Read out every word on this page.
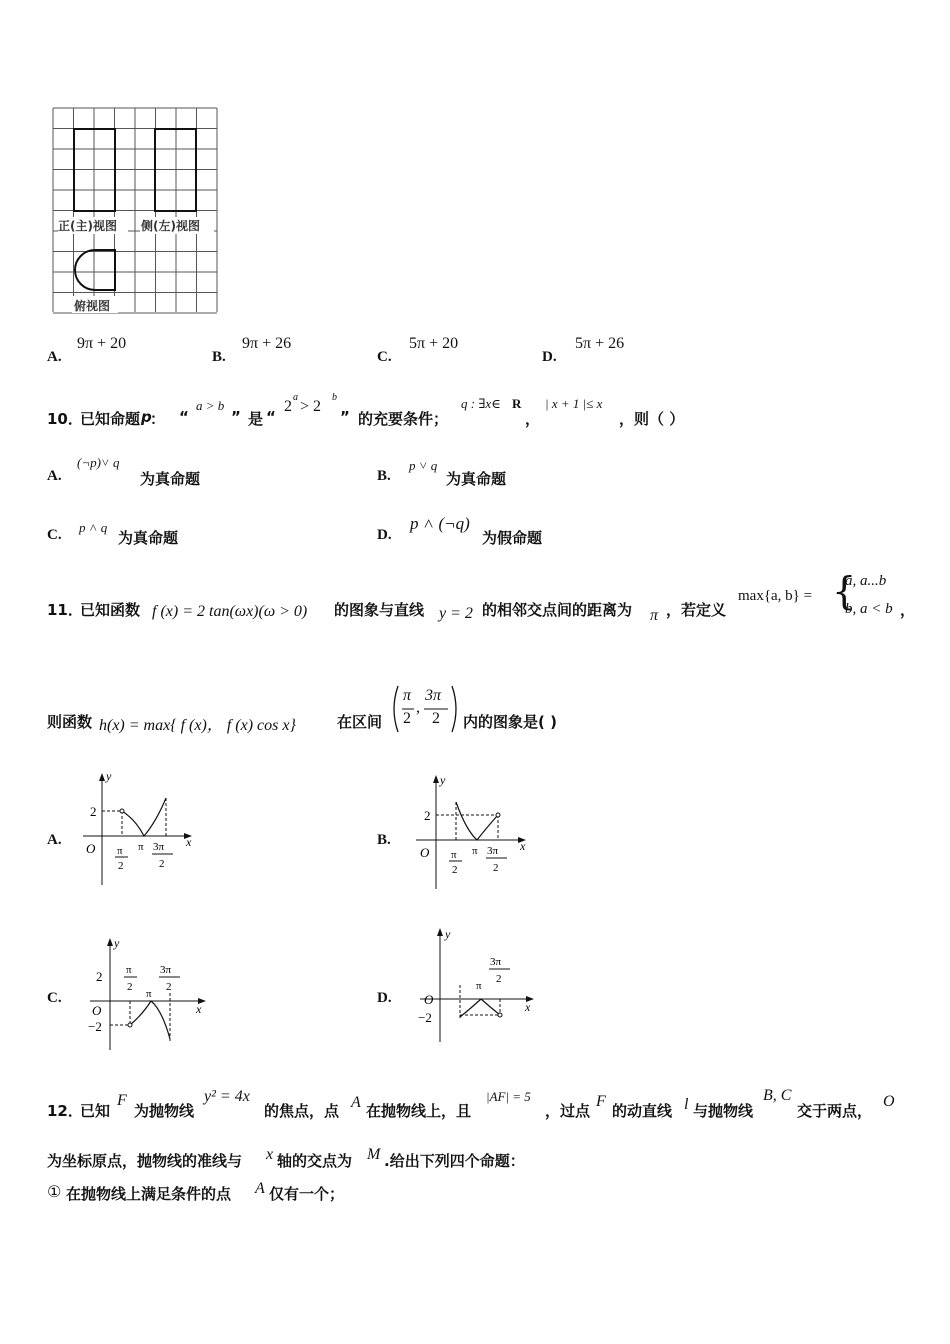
正(主)视图 侧(左)视图
俯视图
A.
9π + 20
B.
9π + 26
C.
5π + 20
D.
5π + 26
10．
已知命题 p
： “
a > b
” 是 “
2
a
> 2
b
” 的充要条件 ；
q : ∃x∈ R
，
| x + 1 |≤ x
，则（ ）
A.
(¬p)˅ q
为真命题	B.
p ˅ q
为真命题
C. p ˄ q
为真命题	D.
p ˄ (¬q)
为假命题
11．
已知函数 f (x) = 2 tan(ωx)(ω > 0) 的图象与直线 y = 2 的相邻交点间的距离为 π ，若定义
max{a, b} = {
a, a...b
b, a < b ，
则函数 h(x) = max{ f (x)， f (x) cos x}	在区间
π
2
,
3π
2 内的图象是( )
A.	B.
C.	D.
y
x
O
2
π
2
π 3π
2
y
x
O
2
π
2
π 3π
2
y
x
O
2
−2
π
2
π
3π
2
y
x
O
−2
π
3π
2
12．
已知
F
为抛物线
y² = 4x
的焦点，点 A 在抛物线上，且
|AF| = 5
，过点
F
的动直线 l 与抛物线
B, C
交于两点，
O
为坐标原点，抛物线的准线与 x 轴的交点为 M .给出下列四个命题：
① 在抛物线上满足条件的点 A 仅有一个；
